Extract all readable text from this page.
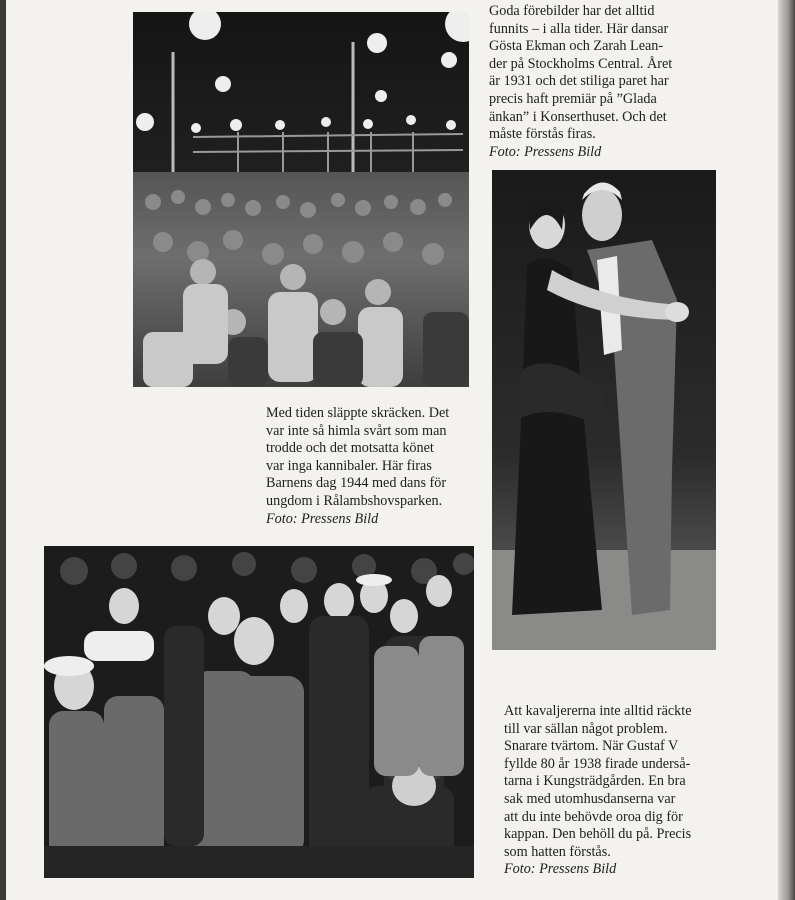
Goda förebilder har det alltid

funnits – i alla tider. Här dansar

Gösta Ekman och Zarah Lean-

der på Stockholms Central. Året

är 1931 och det stiliga paret har

precis haft premiär på ”Glada

änkan” i Konserthuset. Och det

måste förstås firas.

Foto: Pressens Bild

Med tiden släppte skräcken. Det

var inte så himla svårt som man

trodde och det motsatta könet

var inga kannibaler. Här firas

Barnens dag 1944 med dans för

ungdom i Rålambshovsparken.

Foto: Pressens Bild

Att kavaljererna inte alltid räckte

till var sällan något problem.

Snarare tvärtom. När Gustaf V

fyllde 80 år 1938 firade underså-

tarna i Kungsträdgården. En bra

sak med utomhusdanserna var

att du inte behövde oroa dig för

kappan. Den behöll du på. Precis

som hatten förstås.

Foto: Pressens Bild
